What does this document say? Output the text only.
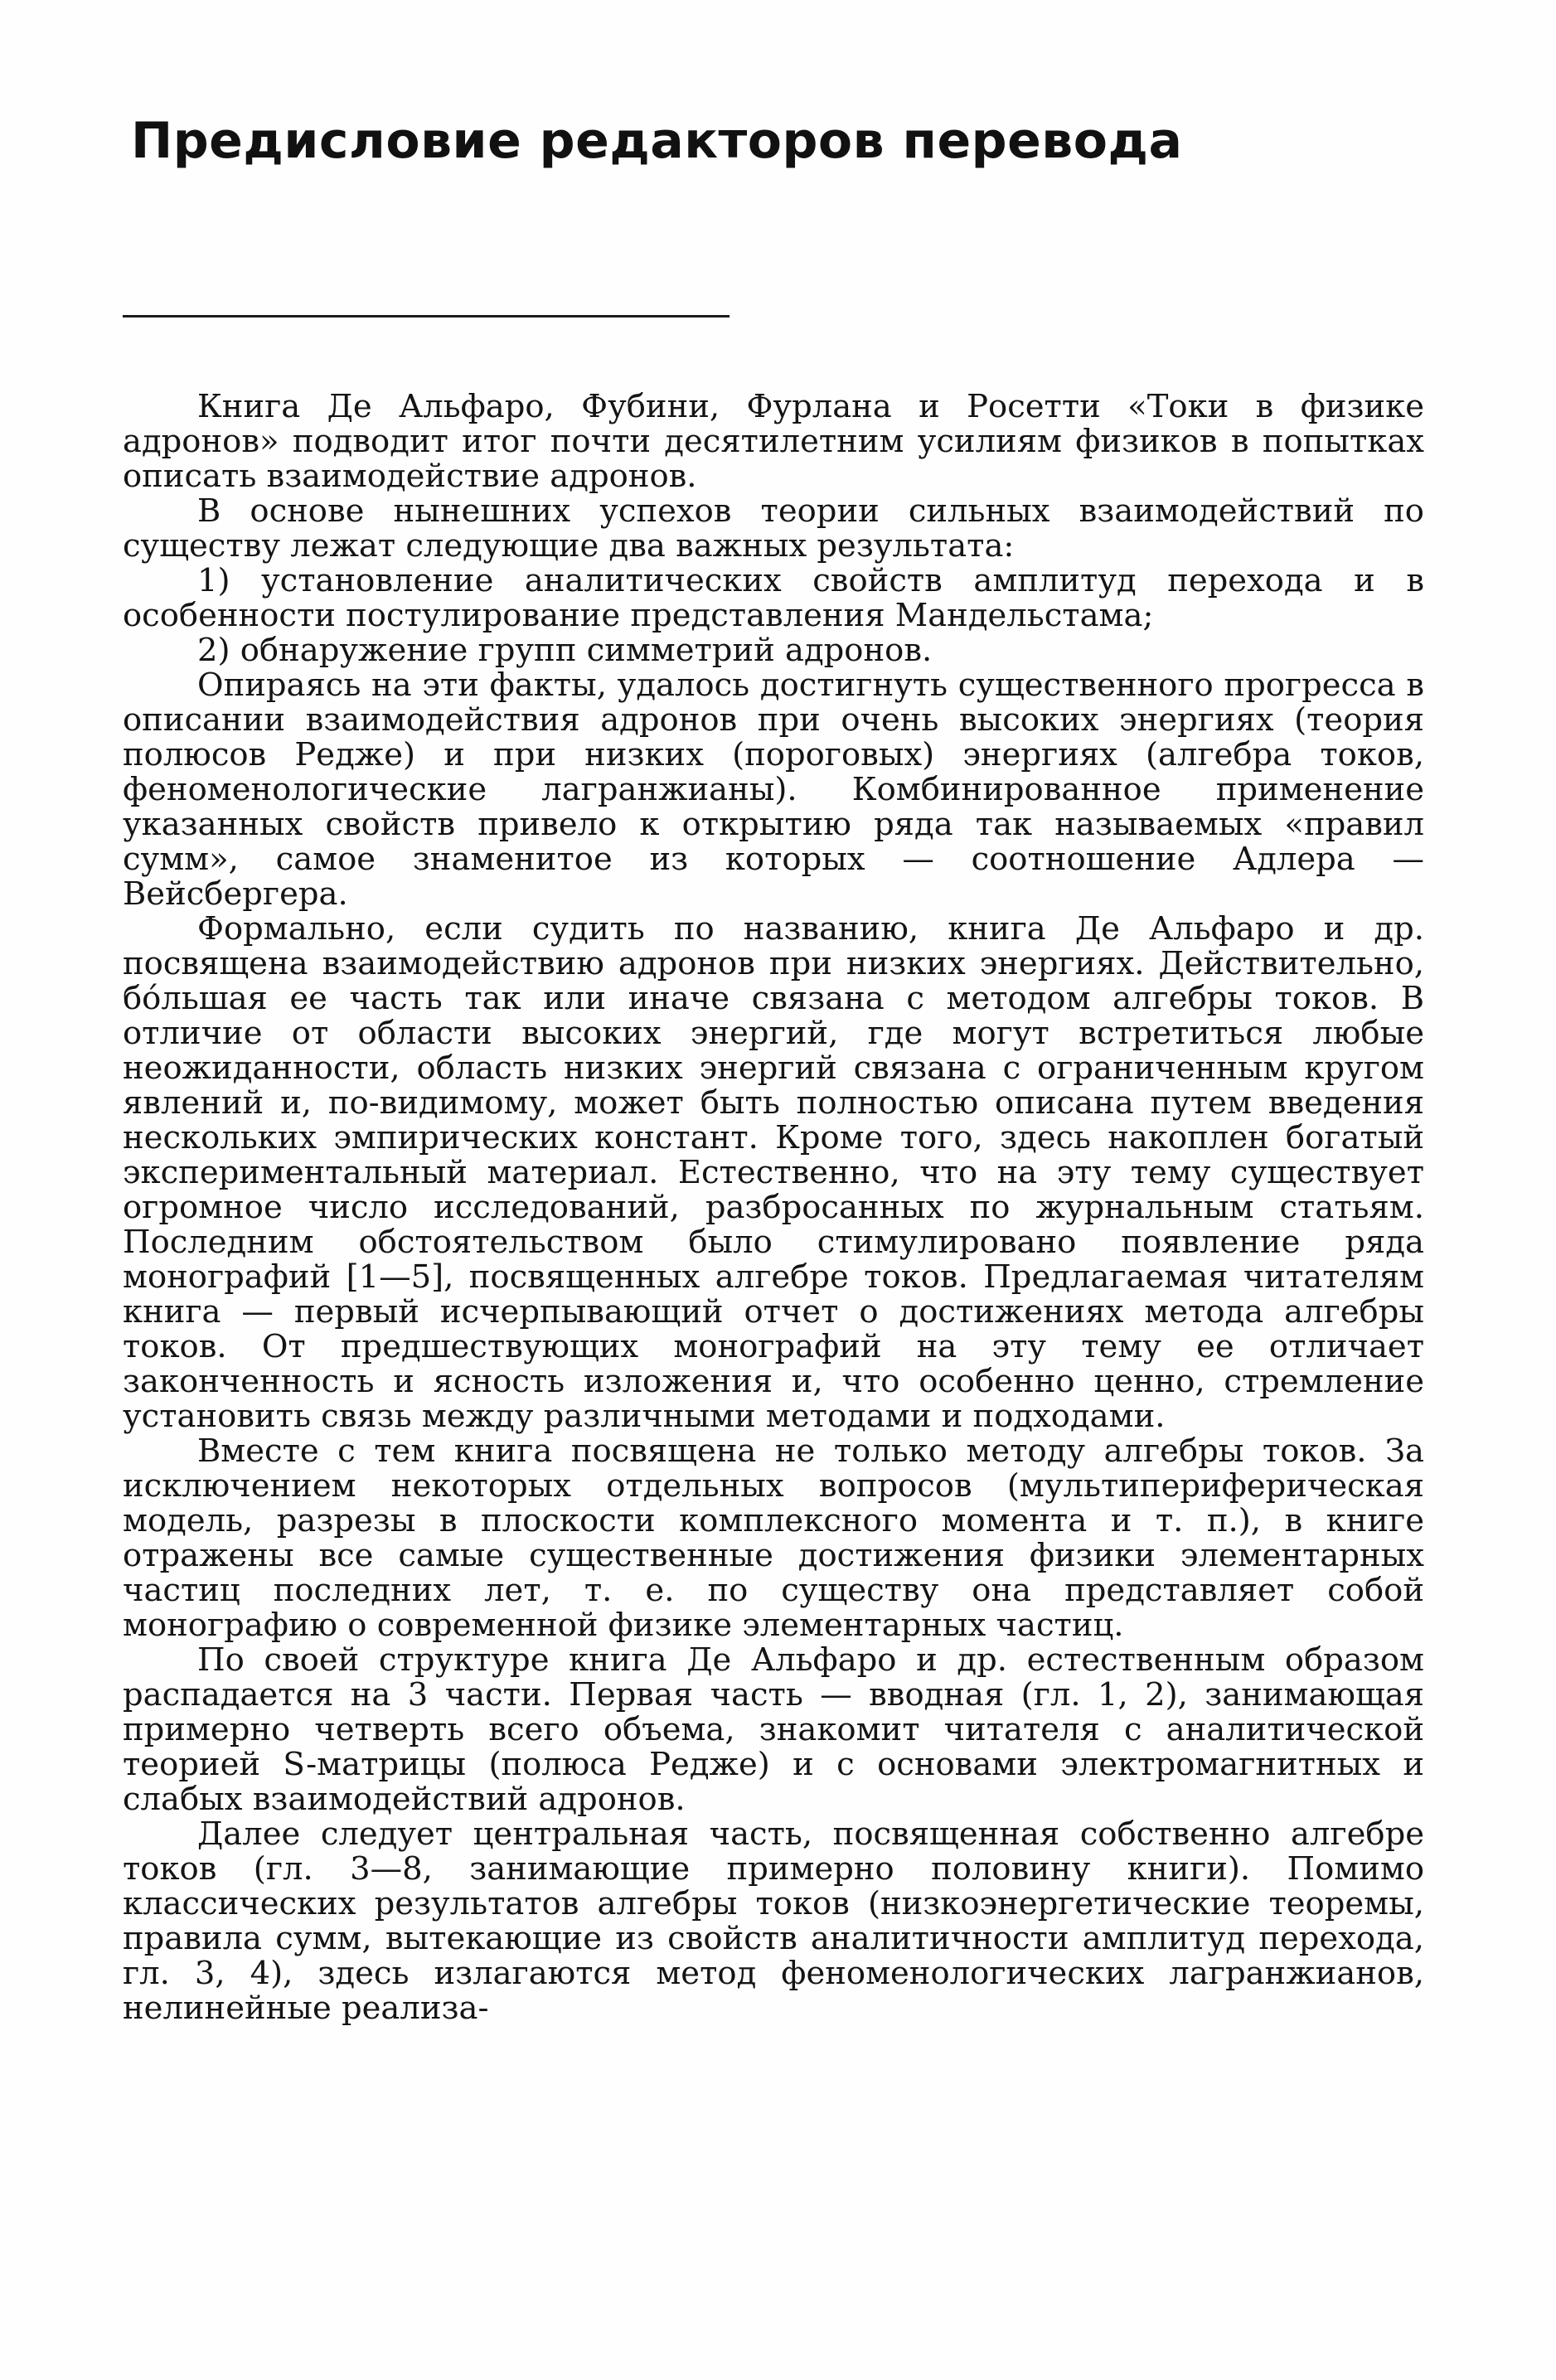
Предисловие редакторов перевода

Книга Де Альфаро, Фубини, Фурлана и Росетти «Токи в физике адронов» подводит итог почти десятилетним усилиям физиков в попытках описать взаимодействие адронов.

В основе нынешних успехов теории сильных взаимодействий по существу лежат следующие два важных результата:

1) установление аналитических свойств амплитуд перехода и в особенности постулирование представления Мандельстама;

2) обнаружение групп симметрий адронов.

Опираясь на эти факты, удалось достигнуть существенного прогресса в описании взаимодействия адронов при очень высоких энергиях (теория полюсов Редже) и при низких (пороговых) энергиях (алгебра токов, феноменологические лагранжианы). Комбинированное применение указанных свойств привело к открытию ряда так называемых «правил сумм», самое знаменитое из которых — соотношение Адлера — Вейсбергера.

Формально, если судить по названию, книга Де Альфаро и др. посвящена взаимодействию адронов при низких энергиях. Действительно, бо́льшая ее часть так или иначе связана с методом алгебры токов. В отличие от области высоких энергий, где могут встретиться любые неожиданности, область низких энергий связана с ограниченным кругом явлений и, по-видимому, может быть полностью описана путем введения нескольких эмпирических констант. Кроме того, здесь накоплен богатый экспериментальный материал. Естественно, что на эту тему существует огромное число исследований, разбросанных по журнальным статьям. Последним обстоятельством было стимулировано появление ряда монографий [1—5], посвященных алгебре токов. Предлагаемая читателям книга — первый исчерпывающий отчет о достижениях метода алгебры токов. От предшествующих монографий на эту тему ее отличает законченность и ясность изложения и, что особенно ценно, стремление установить связь между различными методами и подходами.

Вместе с тем книга посвящена не только методу алгебры токов. За исключением некоторых отдельных вопросов (мультипериферическая модель, разрезы в плоскости комплексного момента и т. п.), в книге отражены все самые существенные достижения физики элементарных частиц последних лет, т. е. по существу она представляет собой монографию о современной физике элементарных частиц.

По своей структуре книга Де Альфаро и др. естественным образом распадается на 3 части. Первая часть — вводная (гл. 1, 2), занимающая примерно четверть всего объема, знакомит читателя с аналитической теорией S-матрицы (полюса Редже) и с основами электромагнитных и слабых взаимодействий адронов.

Далее следует центральная часть, посвященная собственно алгебре токов (гл. 3—8, занимающие примерно половину книги). Помимо классических результатов алгебры токов (низкоэнергетические теоремы, правила сумм, вытекающие из свойств аналитичности амплитуд перехода, гл. 3, 4), здесь излагаются метод феноменологических лагранжианов, нелинейные реализа-
